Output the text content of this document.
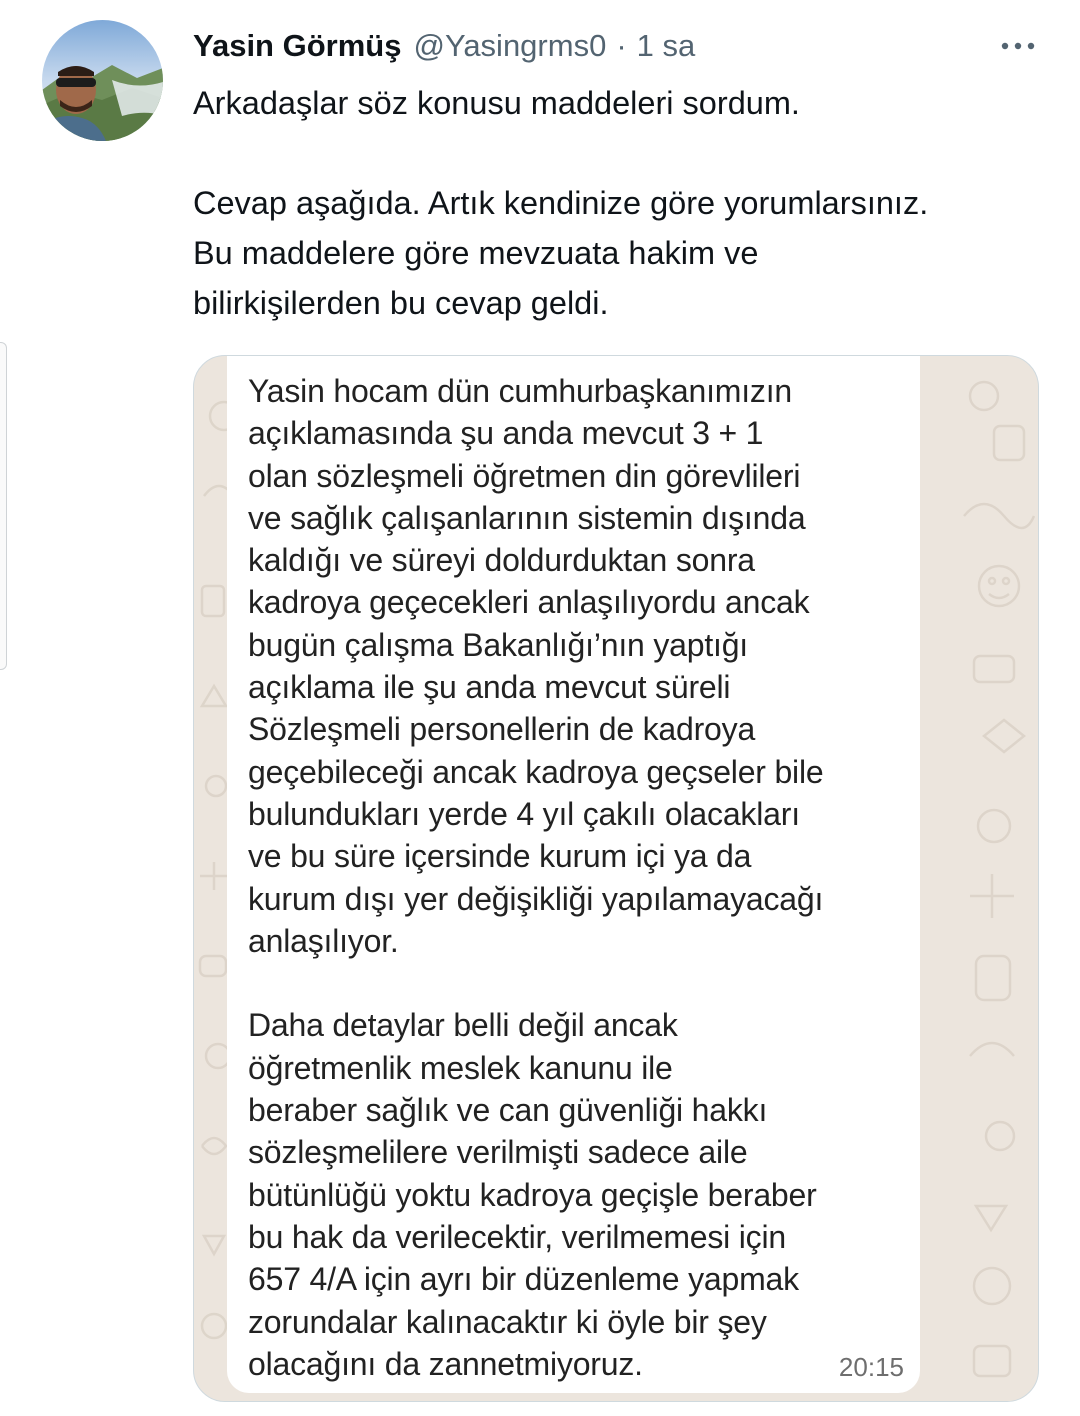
Yasin Görmüş @Yasingrms0 · 1 sa
Arkadaşlar söz konusu maddeleri sordum.

Cevap aşağıda. Artık kendinize göre yorumlarsınız.
Bu maddelere göre mevzuata hakim ve
bilirkişilerden bu cevap geldi.
Yasin hocam dün cumhurbaşkanımızın
açıklamasında şu anda mevcut 3 + 1
olan sözleşmeli öğretmen din görevlileri
ve sağlık çalışanlarının sistemin dışında
kaldığı ve süreyi doldurduktan sonra
kadroya geçecekleri anlaşılıyordu ancak
bugün çalışma Bakanlığı’nın yaptığı
açıklama ile şu anda mevcut süreli
Sözleşmeli personellerin de kadroya
geçebileceği ancak kadroya geçseler bile
bulundukları yerde 4 yıl çakılı olacakları
ve bu süre içersinde kurum içi ya da
kurum dışı yer değişikliği yapılamayacağı
anlaşılıyor.

Daha detaylar belli değil ancak
öğretmenlik meslek kanunu ile
beraber sağlık ve can güvenliği hakkı
sözleşmelilere verilmişti sadece aile
bütünlüğü yoktu kadroya geçişle beraber
bu hak da verilecektir, verilmemesi için
657 4/A için ayrı bir düzenleme yapmak
zorundalar kalınacaktır ki öyle bir şey
olacağını da zannetmiyoruz.	20:15
